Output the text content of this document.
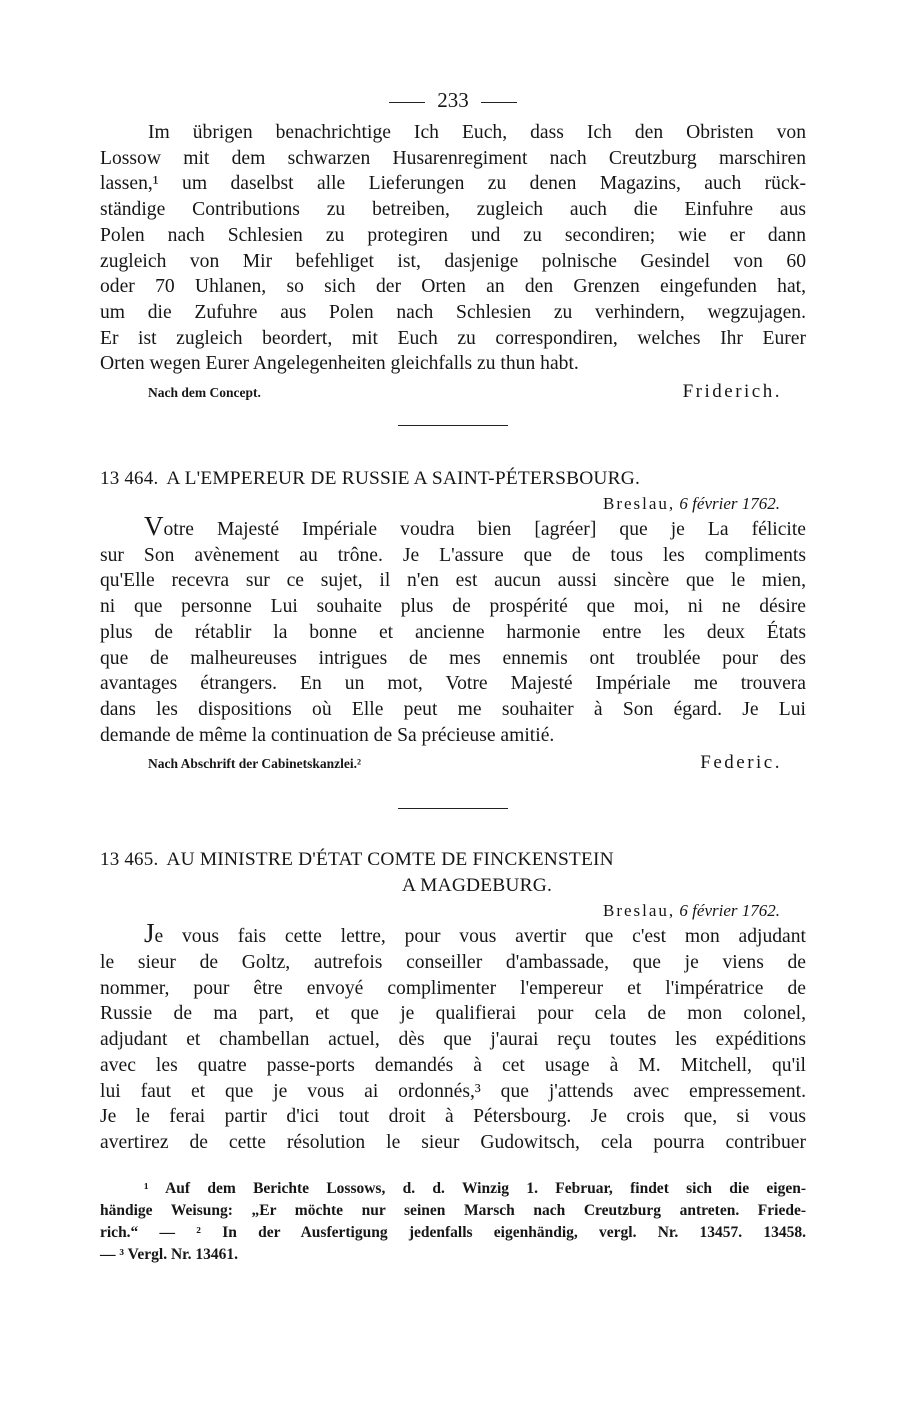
233
Im übrigen benachrichtige Ich Euch, dass Ich den Obristen von
Lossow mit dem schwarzen Husarenregiment nach Creutzburg marschiren
lassen,¹ um daselbst alle Lieferungen zu denen Magazins, auch rück-
ständige Contributions zu betreiben, zugleich auch die Einfuhre aus
Polen nach Schlesien zu protegiren und zu secondiren; wie er dann
zugleich von Mir befehliget ist, dasjenige polnische Gesindel von 60
oder 70 Uhlanen, so sich der Orten an den Grenzen eingefunden hat,
um die Zufuhre aus Polen nach Schlesien zu verhindern, wegzujagen.
Er ist zugleich beordert, mit Euch zu correspondiren, welches Ihr Eurer
Orten wegen Eurer Angelegenheiten gleichfalls zu thun habt.
Nach dem Concept.	Friderich.
13 464. A L'EMPEREUR DE RUSSIE A SAINT-PÉTERSBOURG.
Breslau, 6 février 1762.
Votre Majesté Impériale voudra bien [agréer] que je La félicite
sur Son avènement au trône. Je L'assure que de tous les compliments
qu'Elle recevra sur ce sujet, il n'en est aucun aussi sincère que le mien,
ni que personne Lui souhaite plus de prospérité que moi, ni ne désire
plus de rétablir la bonne et ancienne harmonie entre les deux États
que de malheureuses intrigues de mes ennemis ont troublée pour des
avantages étrangers. En un mot, Votre Majesté Impériale me trouvera
dans les dispositions où Elle peut me souhaiter à Son égard. Je Lui
demande de même la continuation de Sa précieuse amitié.
Nach Abschrift der Cabinetskanzlei.²	Federic.
13 465. AU MINISTRE D'ÉTAT COMTE DE FINCKENSTEIN
A MAGDEBURG.
Breslau, 6 février 1762.
Je vous fais cette lettre, pour vous avertir que c'est mon adjudant
le sieur de Goltz, autrefois conseiller d'ambassade, que je viens de
nommer, pour être envoyé complimenter l'empereur et l'impératrice de
Russie de ma part, et que je qualifierai pour cela de mon colonel,
adjudant et chambellan actuel, dès que j'aurai reçu toutes les expéditions
avec les quatre passe-ports demandés à cet usage à M. Mitchell, qu'il
lui faut et que je vous ai ordonnés,³ que j'attends avec empressement.
Je le ferai partir d'ici tout droit à Pétersbourg. Je crois que, si vous
avertirez de cette résolution le sieur Gudowitsch, cela pourra contribuer
¹ Auf dem Berichte Lossows, d. d. Winzig 1. Februar, findet sich die eigen-
händige Weisung: „Er möchte nur seinen Marsch nach Creutzburg antreten. Friede-
rich.“ — ² In der Ausfertigung jedenfalls eigenhändig, vergl. Nr. 13457. 13458.
— ³ Vergl. Nr. 13461.
